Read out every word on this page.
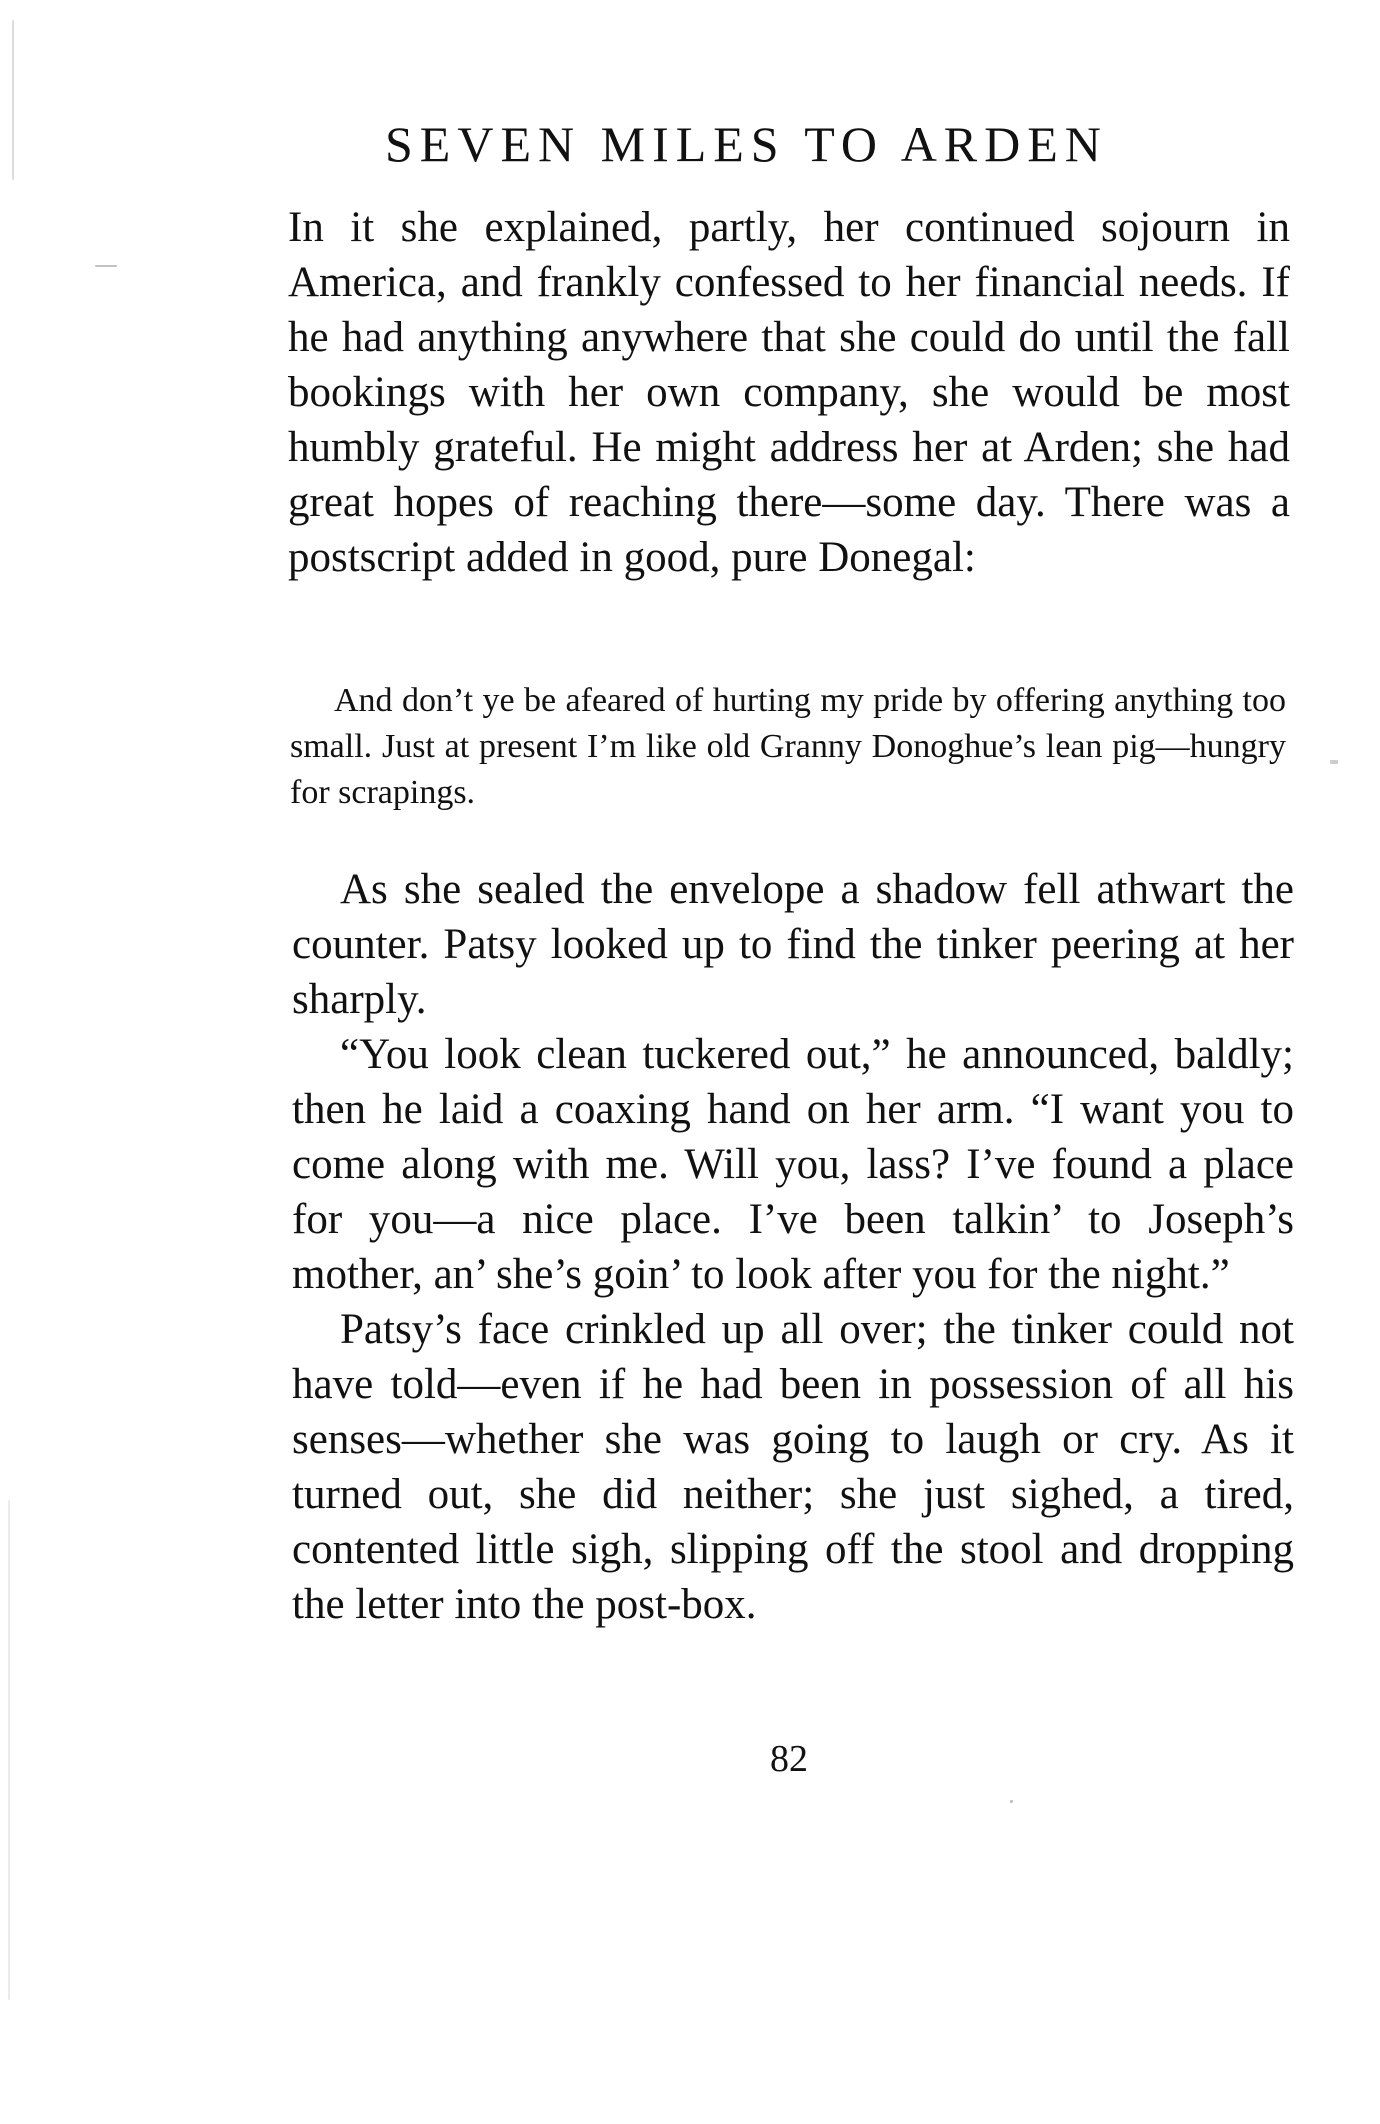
SEVEN MILES TO ARDEN

In it she explained, partly, her continued sojourn in America, and frankly confessed to her financial needs. If he had anything anywhere that she could do until the fall bookings with her own company, she would be most humbly grateful. He might address her at Arden; she had great hopes of reaching there—some day. There was a postscript added in good, pure Donegal:

And don’t ye be afeared of hurting my pride by offering anything too small. Just at present I’m like old Granny Donoghue’s lean pig—hungry for scrapings.

As she sealed the envelope a shadow fell athwart the counter. Patsy looked up to find the tinker peering at her sharply.

“You look clean tuckered out,” he announced, baldly; then he laid a coaxing hand on her arm. “I want you to come along with me. Will you, lass? I’ve found a place for you—a nice place. I’ve been talkin’ to Joseph’s mother, an’ she’s goin’ to look after you for the night.”

Patsy’s face crinkled up all over; the tinker could not have told—even if he had been in possession of all his senses—whether she was going to laugh or cry. As it turned out, she did neither; she just sighed, a tired, contented little sigh, slipping off the stool and dropping the letter into the post-box.

82
